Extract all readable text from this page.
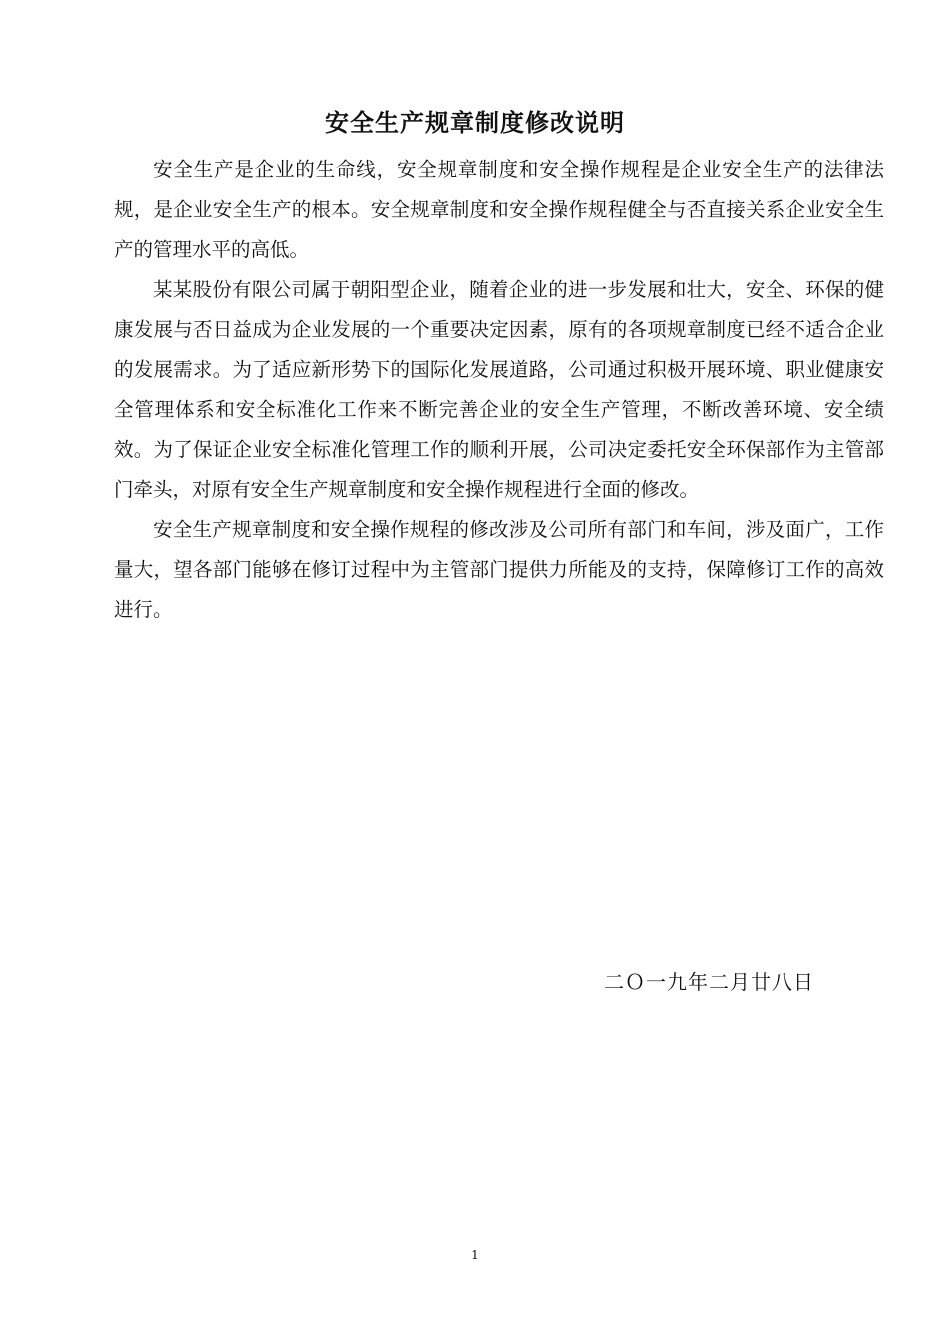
安全生产规章制度修改说明

安全生产是企业的生命线，安全规章制度和安全操作规程是企业安全生产的法律法规，是企业安全生产的根本。安全规章制度和安全操作规程健全与否直接关系企业安全生产的管理水平的高低。

某某股份有限公司属于朝阳型企业，随着企业的进一步发展和壮大，安全、环保的健康发展与否日益成为企业发展的一个重要决定因素，原有的各项规章制度已经不适合企业的发展需求。为了适应新形势下的国际化发展道路，公司通过积极开展环境、职业健康安全管理体系和安全标准化工作来不断完善企业的安全生产管理，不断改善环境、安全绩效。为了保证企业安全标准化管理工作的顺利开展，公司决定委托安全环保部作为主管部门牵头，对原有安全生产规章制度和安全操作规程进行全面的修改。

安全生产规章制度和安全操作规程的修改涉及公司所有部门和车间，涉及面广，工作量大，望各部门能够在修订过程中为主管部门提供力所能及的支持，保障修订工作的高效进行。

二Ｏ一九年二月廿八日
1
